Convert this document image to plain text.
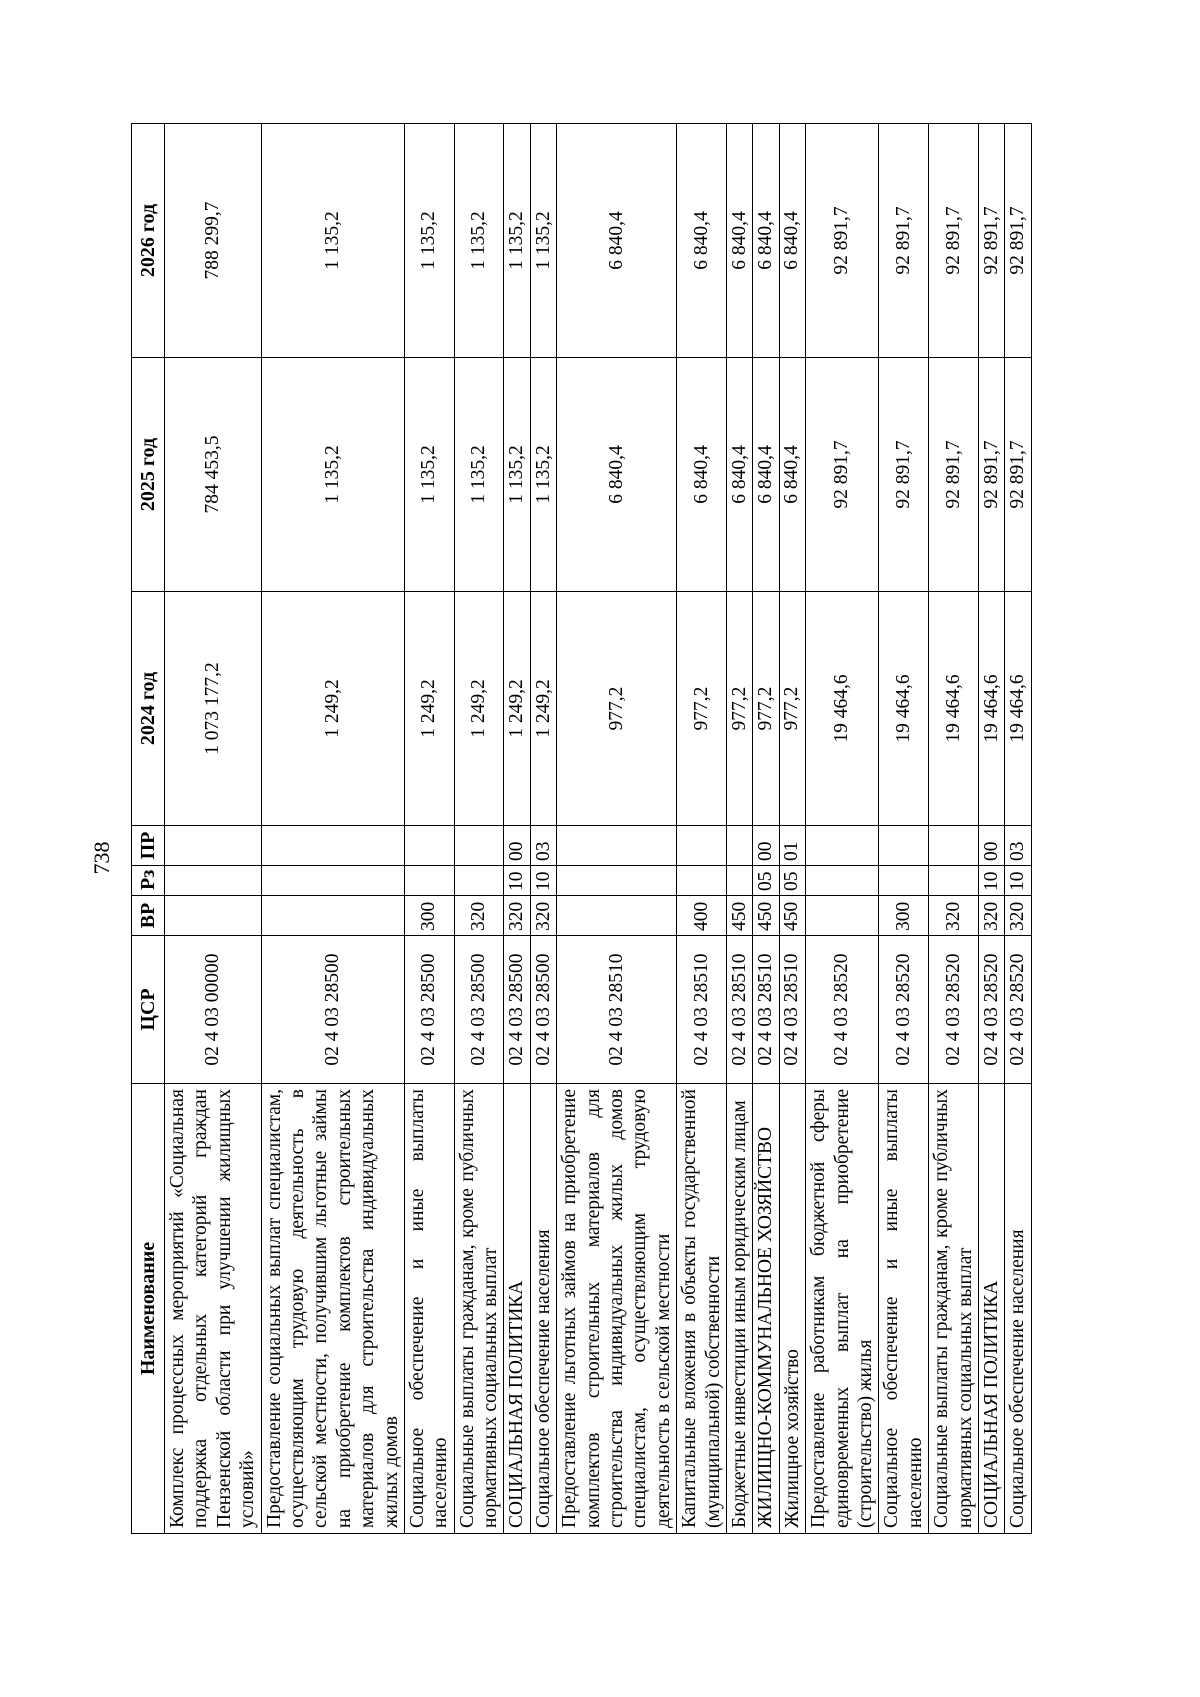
738
Наименование	ЦСР	ВР	Рз	ПР	2024 год	2025 год	2026 год
Комплекс процессных мероприятий «Социальная поддержка отдельных категорий граждан Пензенской области при улучшении жилищных условий»	02 4 03 00000				1 073 177,2	784 453,5	788 299,7
Предоставление социальных выплат специалистам, осуществляющим трудовую деятельность в сельской местности, получившим льготные займы на приобретение комплектов строительных материалов для строительства индивидуальных жилых домов	02 4 03 28500				1 249,2	1 135,2	1 135,2
Социальное обеспечение и иные выплаты населению	02 4 03 28500	300			1 249,2	1 135,2	1 135,2
Социальные выплаты гражданам, кроме публичных нормативных социальных выплат	02 4 03 28500	320			1 249,2	1 135,2	1 135,2
СОЦИАЛЬНАЯ ПОЛИТИКА	02 4 03 28500	320	10	00	1 249,2	1 135,2	1 135,2
Социальное обеспечение населения	02 4 03 28500	320	10	03	1 249,2	1 135,2	1 135,2
Предоставление льготных займов на приобретение комплектов строительных материалов для строительства индивидуальных жилых домов специалистам, осуществляющим трудовую деятельность в сельской местности	02 4 03 28510				977,2	6 840,4	6 840,4
Капитальные вложения в объекты государственной (муниципальной) собственности	02 4 03 28510	400			977,2	6 840,4	6 840,4
Бюджетные инвестиции иным юридическим лицам	02 4 03 28510	450			977,2	6 840,4	6 840,4
ЖИЛИЩНО-КОММУНАЛЬНОЕ ХОЗЯЙСТВО	02 4 03 28510	450	05	00	977,2	6 840,4	6 840,4
Жилищное хозяйство	02 4 03 28510	450	05	01	977,2	6 840,4	6 840,4
Предоставление работникам бюджетной сферы единовременных выплат на приобретение (строительство) жилья	02 4 03 28520				19 464,6	92 891,7	92 891,7
Социальное обеспечение и иные выплаты населению	02 4 03 28520	300			19 464,6	92 891,7	92 891,7
Социальные выплаты гражданам, кроме публичных нормативных социальных выплат	02 4 03 28520	320			19 464,6	92 891,7	92 891,7
СОЦИАЛЬНАЯ ПОЛИТИКА	02 4 03 28520	320	10	00	19 464,6	92 891,7	92 891,7
Социальное обеспечение населения	02 4 03 28520	320	10	03	19 464,6	92 891,7	92 891,7
